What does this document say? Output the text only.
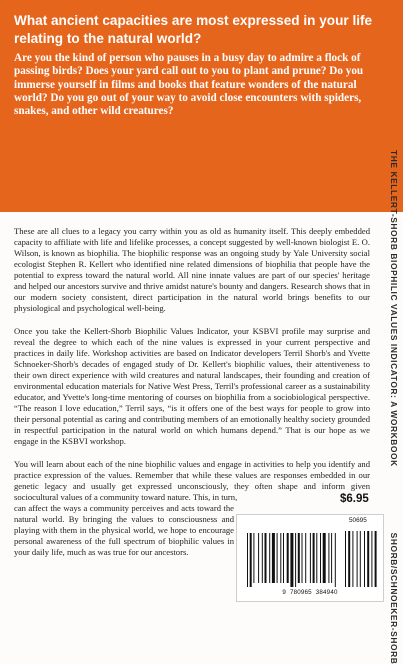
What ancient capacities are most expressed in your life relating to the natural world?

Are you the kind of person who pauses in a busy day to admire a flock of passing birds? Does your yard call out to you to plant and prune? Do you immerse yourself in films and books that feature wonders of the natural world? Do you go out of your way to avoid close encounters with spiders, snakes, and other wild creatures?

These are all clues to a legacy you carry within you as old as humanity itself. This deeply embedded capacity to affiliate with life and lifelike processes, a concept suggested by well-known biologist E. O. Wilson, is known as biophilia. The biophilic response was an ongoing study by Yale University social ecologist Stephen R. Kellert who identified nine related dimensions of biophilia that people have the potential to express toward the natural world. All nine innate values are part of our species' heritage and helped our ancestors survive and thrive amidst nature's bounty and dangers. Research shows that in our modern society consistent, direct participation in the natural world brings benefits to our physiological and psychological well-being.

Once you take the Kellert-Shorb Biophilic Values Indicator, your KSBVI profile may surprise and reveal the degree to which each of the nine values is expressed in your current perspective and practices in daily life. Workshop activities are based on Indicator developers Terril Shorb's and Yvette Schnoeker-Shorb's decades of engaged study of Dr. Kellert's biophilic values, their attentiveness to their own direct experience with wild creatures and natural landscapes, their founding and creation of environmental education materials for Native West Press, Terril's professional career as a sustainability educator, and Yvette's long-time mentoring of courses on biophilia from a sociobiological perspective. “The reason I love education,” Terril says, “is it offers one of the best ways for people to grow into their personal potential as caring and contributing members of an emotionally healthy society grounded in respectful participation in the natural world on which humans depend.” That is our hope as we engage in the KSBVI workshop.

You will learn about each of the nine biophilic values and engage in activities to help you identify and practice expression of the values. Remember that while these values are responses embedded in our genetic legacy and usually get expressed unconsciously, they often shape and inform given sociocultural values of a community toward nature. This, in turn,

can affect the ways a community perceives and acts toward the natural world. By bringing the values to consciousness and playing with them in the physical world, we hope to encourage personal awareness of the full spectrum of biophilic values in your daily life, much as was true for our ancestors.

THE KELLERT-SHORB BIOPHILIC VALUES INDICATOR: A WORKBOOK  SHORB/SCHNOEKER-SHORB
$6.95
50695
9 780965 384940
